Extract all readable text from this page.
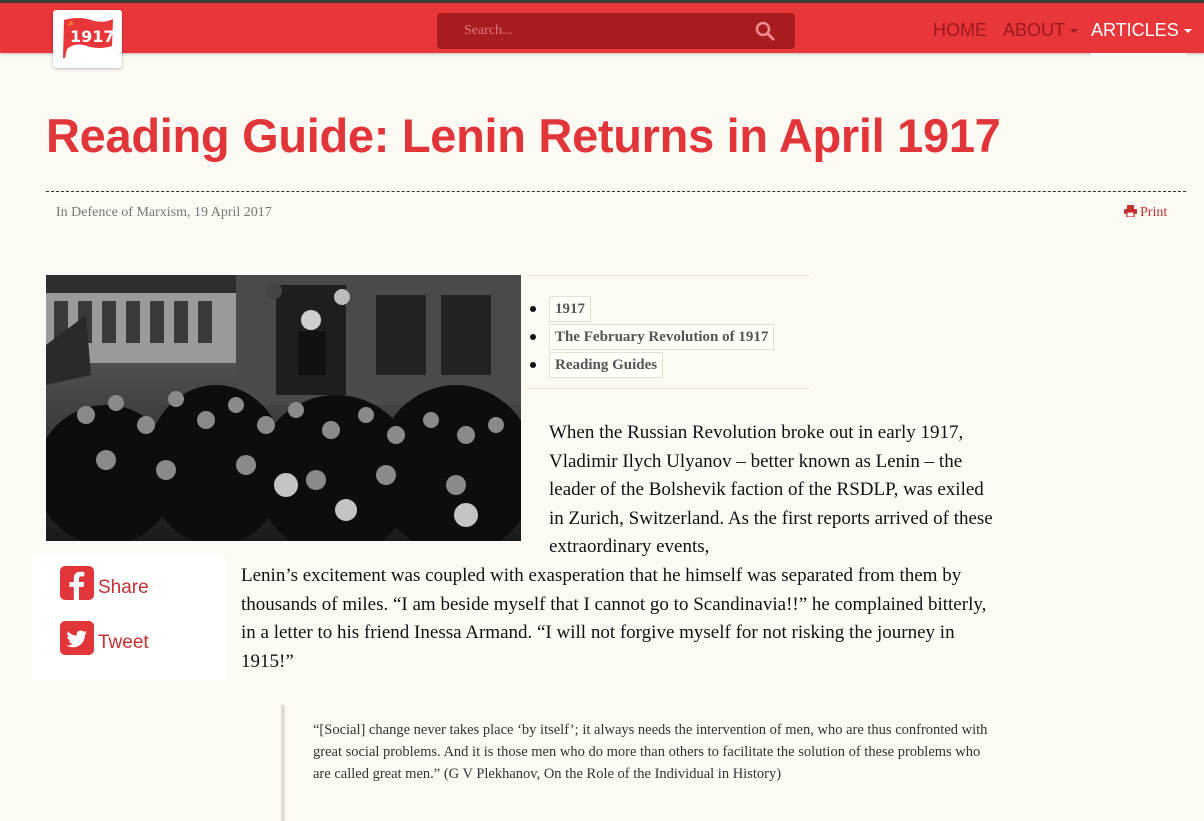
Search...
HOME ABOUT	ARTICLES
1917
☭
Reading Guide: Lenin Returns in April 1917
In Defence of Marxism, 19 April 2017	Print
1917
The February Revolution of 1917
Reading Guides
Share
Tweet

When the Russian Revolution broke out in early 1917, Vladimir Ilych Ulyanov – better known as Lenin – the leader of the Bolshevik faction of the RSDLP, was exiled in Zurich, Switzerland. As the first reports arrived of these extraordinary events,

Lenin’s excitement was coupled with exasperation that he himself was separated from them by thousands of miles. “I am beside myself that I cannot go to Scandinavia!!” he complained bitterly, in a letter to his friend Inessa Armand. “I will not forgive myself for not risking the journey in 1915!”

“[Social] change never takes place ‘by itself’; it always needs the intervention of men, who are thus confronted with great social problems. And it is those men who do more than others to facilitate the solution of these problems who are called great men.” (G V Plekhanov, On the Role of the Individual in History)
